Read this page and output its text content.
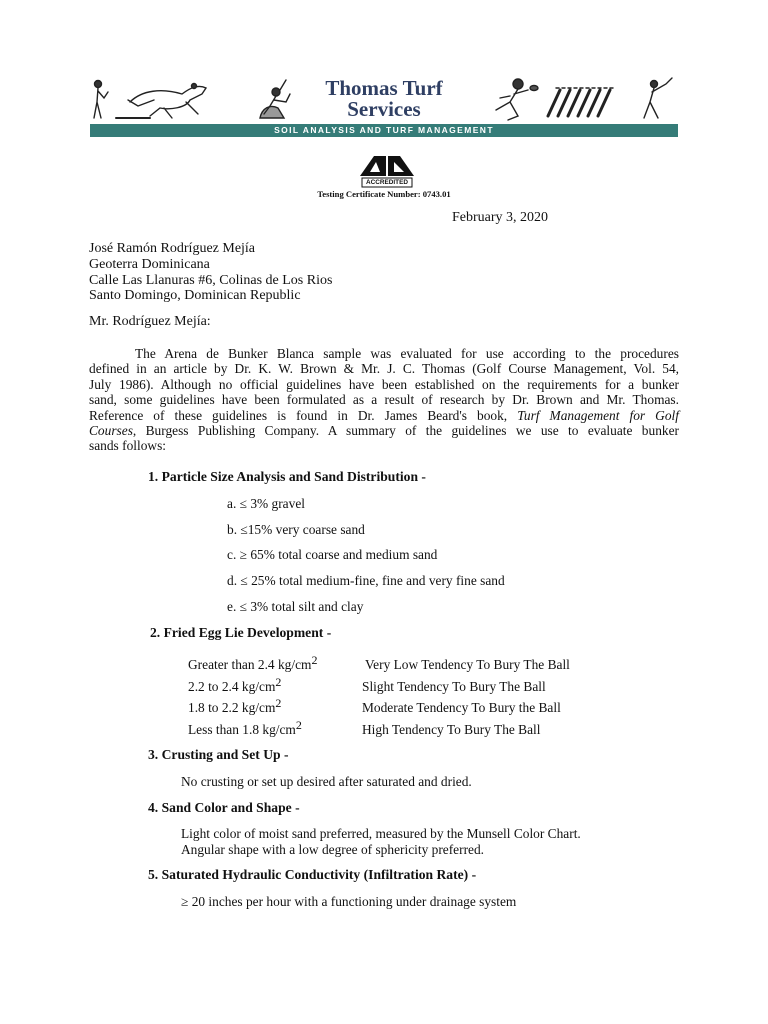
Thomas Turf
Services
SOIL ANALYSIS AND TURF MANAGEMENT
ACCREDITED
Testing Certificate Number: 0743.01
February 3, 2020
José Ramón Rodríguez Mejía
Geoterra Dominicana
Calle Las Llanuras #6, Colinas de Los Rios
Santo Domingo, Dominican Republic
Mr. Rodríguez Mejía:
The Arena de Bunker Blanca sample was evaluated for use according to the procedures
defined in an article by Dr. K. W. Brown & Mr. J. C. Thomas (Golf Course Management, Vol. 54,
July 1986). Although no official guidelines have been established on the requirements for a bunker
sand, some guidelines have been formulated as a result of research by Dr. Brown and Mr. Thomas.
Reference of these guidelines is found in Dr. James Beard's book, Turf Management for Golf
Courses, Burgess Publishing Company. A summary of the guidelines we use to evaluate bunker
sands follows:
1. Particle Size Analysis and Sand Distribution -
a. ≤ 3% gravel
b. ≤15% very coarse sand
c. ≥ 65% total coarse and medium sand
d. ≤ 25% total medium-fine, fine and very fine sand
e. ≤ 3% total silt and clay
2. Fried Egg Lie Development -
Greater than 2.4 $kg/cm^2$	Very Low Tendency To Bury The Ball
2.2 to 2.4 $kg/cm^2$	Slight Tendency To Bury The Ball
1.8 to 2.2 $kg/cm^2$	Moderate Tendency To Bury the Ball
Less than 1.8 $kg/cm^2$	High Tendency To Bury The Ball
3. Crusting and Set Up -
No crusting or set up desired after saturated and dried.
4. Sand Color and Shape -
Light color of moist sand preferred, measured by the Munsell Color Chart.
Angular shape with a low degree of sphericity preferred.
5. Saturated Hydraulic Conductivity (Infiltration Rate) -
≥ 20 inches per hour with a functioning under drainage system
